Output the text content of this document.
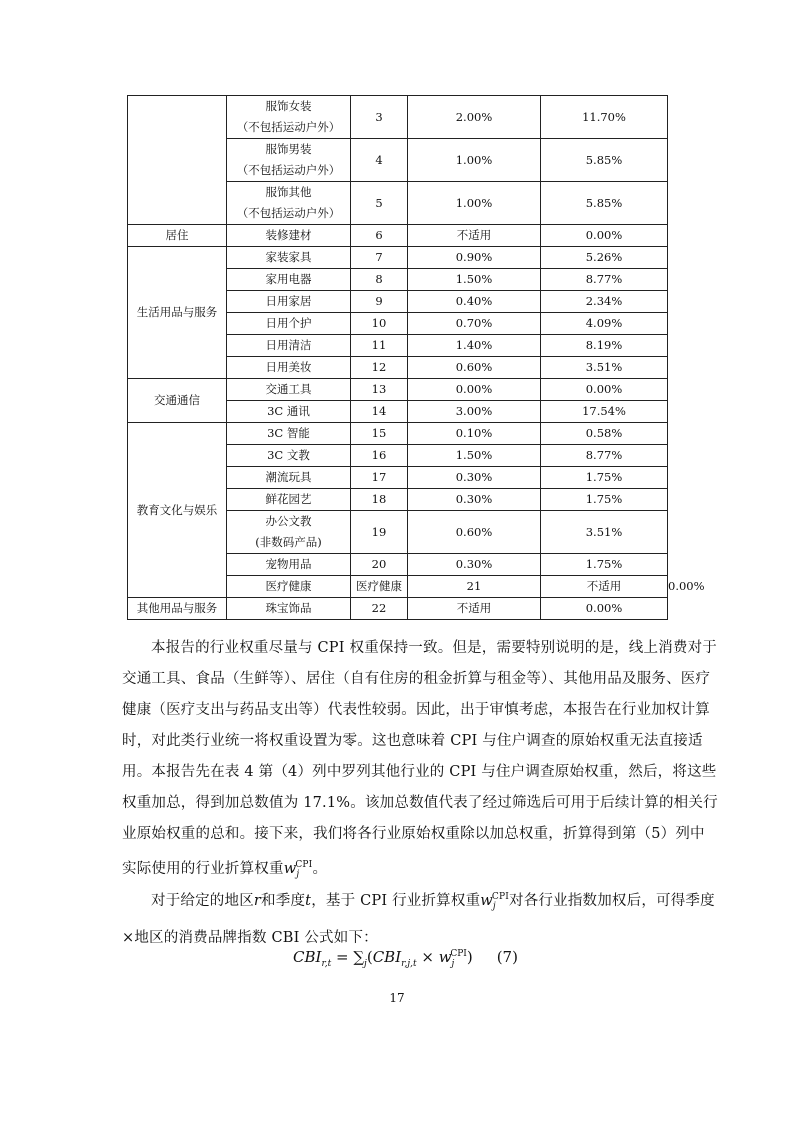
	服饰女装
（不包括运动户外）	3	2.00%	11.70%	

	服饰男装
（不包括运动户外）	4	1.00%	5.85%	

	服饰其他
（不包括运动户外）	5	1.00%	5.85%	
居住	装修建材	6	不适用	0.00%	
生活用品与服务	家装家具	7	0.90%	5.26%	

	家用电器	8	1.50%	8.77%	

	日用家居	9	0.40%	2.34%	

	日用个护	10	0.70%	4.09%	

	日用清洁	11	1.40%	8.19%	

	日用美妆	12	0.60%	3.51%	
交通通信	交通工具	13	0.00%	0.00%	

	3C 通讯	14	3.00%	17.54%	
教育文化与娱乐	3C 智能	15	0.10%	0.58%	

	3C 文教	16	1.50%	8.77%	

	潮流玩具	17	0.30%	1.75%	

	鲜花园艺	18	0.30%	1.75%	

	办公文教
(非数码产品)	19	0.60%	3.51%	

	宠物用品	20	0.30%	1.75%	
	医疗健康	医疗健康	21	不适用	0.00%
其他用品与服务	珠宝饰品	22	不适用	0.00%	
本报告的行业权重尽量与 CPI 权重保持一致。但是，需要特别说明的是，线上消费对于
交通工具、食品（生鲜等）、居住（自有住房的租金折算与租金等）、其他用品及服务、医疗
健康（医疗支出与药品支出等）代表性较弱。因此，出于审慎考虑，本报告在行业加权计算
时，对此类行业统一将权重设置为零。这也意味着 CPI 与住户调查的原始权重无法直接适
用。本报告先在表 4 第（4）列中罗列其他行业的 CPI 与住户调查原始权重，然后，将这些
权重加总，得到加总数值为 17.1%。该加总数值代表了经过筛选后可用于后续计算的相关行
业原始权重的总和。接下来，我们将各行业原始权重除以加总权重，折算得到第（5）列中
实际使用的行业折算权重$w_j^{CPI}$。
对于给定的地区r和季度t，基于 CPI 行业折算权重$w_j^{CPI}$对各行业指数加权后，可得季度
×地区的消费品牌指数 CBI 公式如下：
$CBI_{r,t} = \sum_j(CBI_{r,j,t} \times w_j^{CPI})$ (7)
17
